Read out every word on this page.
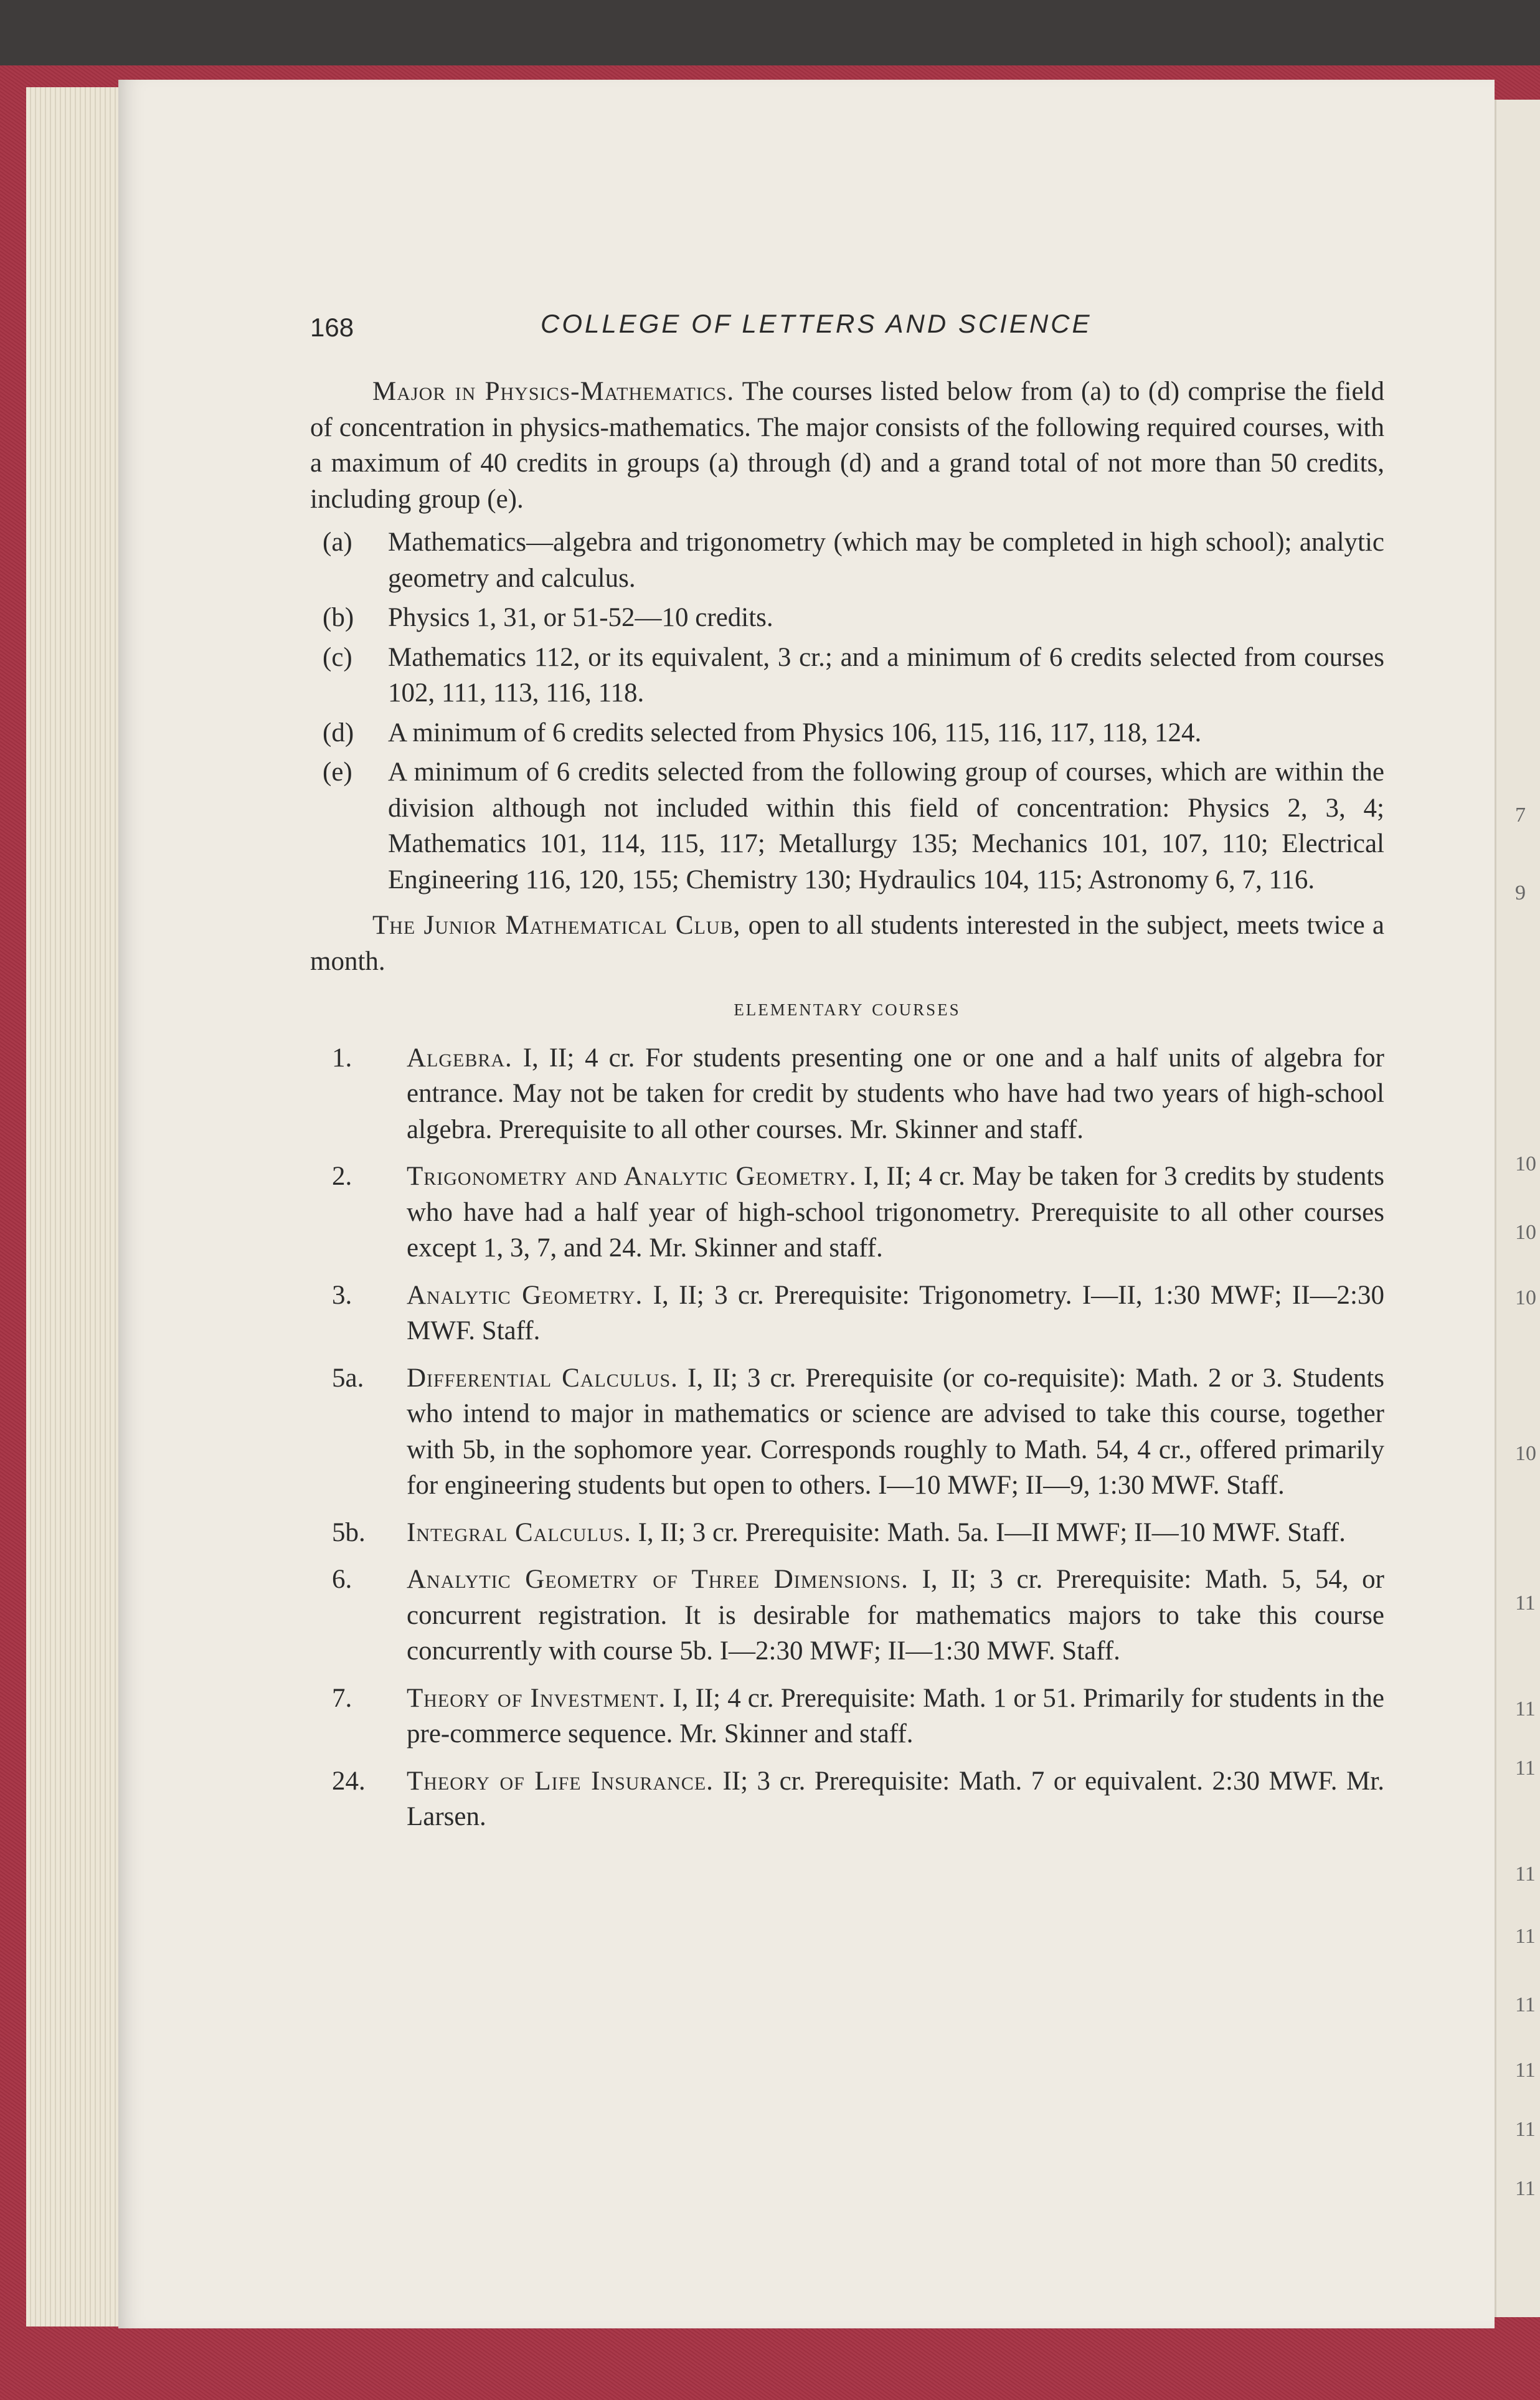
7
9
10
10
10
10
11
11
11
11
11
11
11
11
11
168	COLLEGE OF LETTERS AND SCIENCE

Major in Physics-Mathematics. The courses listed below from (a) to (d) comprise the field of concentration in physics-mathematics. The major consists of the following required courses, with a maximum of 40 credits in groups (a) through (d) and a grand total of not more than 50 credits, including group (e).

(a)	Mathematics—algebra and trigonometry (which may be completed in high school); analytic geometry and calculus.
(b)	Physics 1, 31, or 51-52—10 credits.
(c)	Mathematics 112, or its equivalent, 3 cr.; and a minimum of 6 credits selected from courses 102, 111, 113, 116, 118.
(d)	A minimum of 6 credits selected from Physics 106, 115, 116, 117, 118, 124.
(e)	A minimum of 6 credits selected from the following group of courses, which are within the division although not included within this field of concentration: Physics 2, 3, 4; Mathematics 101, 114, 115, 117; Metallurgy 135; Mechanics 101, 107, 110; Electrical Engineering 116, 120, 155; Chemistry 130; Hydraulics 104, 115; Astronomy 6, 7, 116.

The Junior Mathematical Club, open to all students interested in the subject, meets twice a month.

elementary courses
1.	Algebra. I, II; 4 cr. For students presenting one or one and a half units of algebra for entrance. May not be taken for credit by students who have had two years of high-school algebra. Prerequisite to all other courses. Mr. Skinner and staff.
2.	Trigonometry and Analytic Geometry. I, II; 4 cr. May be taken for 3 credits by students who have had a half year of high-school trigonometry. Prerequisite to all other courses except 1, 3, 7, and 24. Mr. Skinner and staff.
3.	Analytic Geometry. I, II; 3 cr. Prerequisite: Trigonometry. I—II, 1:30 MWF; II—2:30 MWF. Staff.
5a.	Differential Calculus. I, II; 3 cr. Prerequisite (or co-requisite): Math. 2 or 3. Students who intend to major in mathematics or science are advised to take this course, together with 5b, in the sophomore year. Corresponds roughly to Math. 54, 4 cr., offered primarily for engineering students but open to others. I—10 MWF; II—9, 1:30 MWF. Staff.
5b.	Integral Calculus. I, II; 3 cr. Prerequisite: Math. 5a. I—II MWF; II—10 MWF. Staff.
6.	Analytic Geometry of Three Dimensions. I, II; 3 cr. Prerequisite: Math. 5, 54, or concurrent registration. It is desirable for mathematics majors to take this course concurrently with course 5b. I—2:30 MWF; II—1:30 MWF. Staff.
7.	Theory of Investment. I, II; 4 cr. Prerequisite: Math. 1 or 51. Primarily for students in the pre-commerce sequence. Mr. Skinner and staff.
24.	Theory of Life Insurance. II; 3 cr. Prerequisite: Math. 7 or equivalent. 2:30 MWF. Mr. Larsen.
